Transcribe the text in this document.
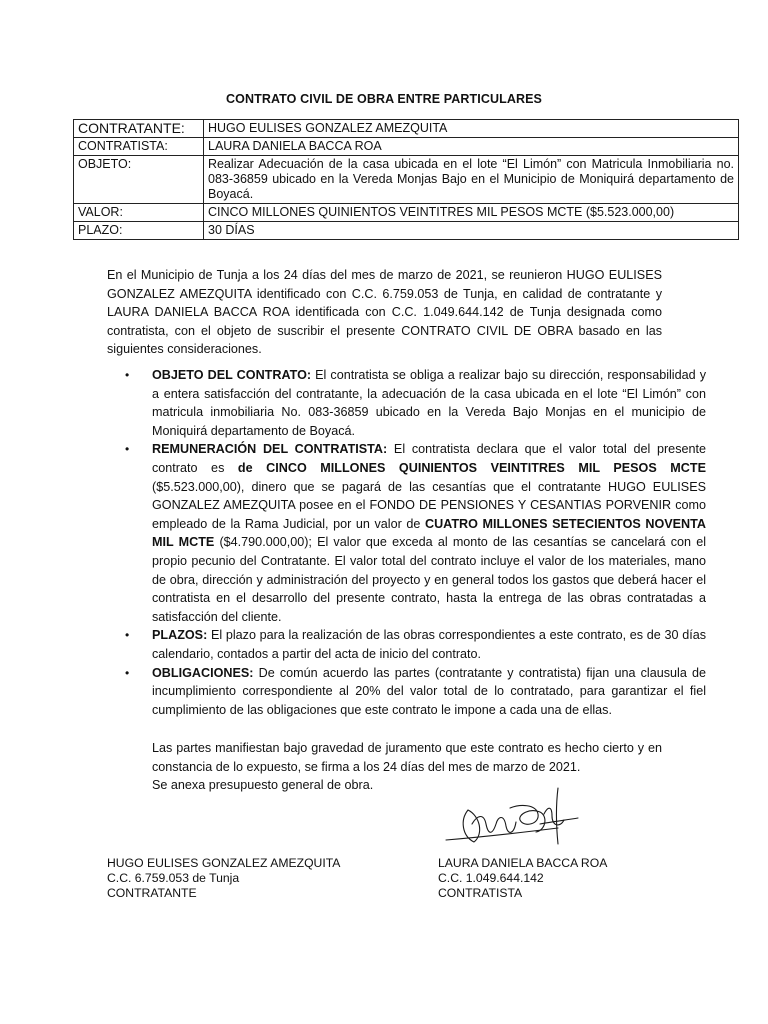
CONTRATO CIVIL DE OBRA ENTRE PARTICULARES
CONTRATANTE:	HUGO EULISES GONZALEZ AMEZQUITA
CONTRATISTA:	LAURA DANIELA BACCA ROA
OBJETO:	Realizar Adecuación de la casa ubicada en el lote “El Limón” con Matricula Inmobiliaria no. 083-36859 ubicado en la Vereda Monjas Bajo en el Municipio de Moniquirá departamento de Boyacá.
VALOR:	CINCO MILLONES QUINIENTOS VEINTITRES MIL PESOS MCTE ($5.523.000,00)
PLAZO:	30 DÍAS
En el Municipio de Tunja a los 24 días del mes de marzo de 2021, se reunieron HUGO EULISES GONZALEZ AMEZQUITA identificado con C.C. 6.759.053 de Tunja, en calidad de contratante y LAURA DANIELA BACCA ROA identificada con C.C. 1.049.644.142 de Tunja designada como contratista, con el objeto de suscribir el presente CONTRATO CIVIL DE OBRA basado en las siguientes consideraciones.
• OBJETO DEL CONTRATO: El contratista se obliga a realizar bajo su dirección, responsabilidad y a entera satisfacción del contratante, la adecuación de la casa ubicada en el lote “El Limón” con matricula inmobiliaria No. 083-36859 ubicado en la Vereda Bajo Monjas en el municipio de Moniquirá departamento de Boyacá.
• REMUNERACIÓN DEL CONTRATISTA: El contratista declara que el valor total del presente contrato es de CINCO MILLONES QUINIENTOS VEINTITRES MIL PESOS MCTE ($5.523.000,00), dinero que se pagará de las cesantías que el contratante HUGO EULISES GONZALEZ AMEZQUITA posee en el FONDO DE PENSIONES Y CESANTIAS PORVENIR como empleado de la Rama Judicial, por un valor de CUATRO MILLONES SETECIENTOS NOVENTA MIL MCTE ($4.790.000,00); El valor que exceda al monto de las cesantías se cancelará con el propio pecunio del Contratante. El valor total del contrato incluye el valor de los materiales, mano de obra, dirección y administración del proyecto y en general todos los gastos que deberá hacer el contratista en el desarrollo del presente contrato, hasta la entrega de las obras contratadas a satisfacción del cliente.
• PLAZOS: El plazo para la realización de las obras correspondientes a este contrato, es de 30 días calendario, contados a partir del acta de inicio del contrato.
• OBLIGACIONES: De común acuerdo las partes (contratante y contratista) fijan una clausula de incumplimiento correspondiente al 20% del valor total de lo contratado, para garantizar el fiel cumplimiento de las obligaciones que este contrato le impone a cada una de ellas.

Las partes manifiestan bajo gravedad de juramento que este contrato es hecho cierto y en constancia de lo expuesto, se firma a los 24 días del mes de marzo de 2021.

Se anexa presupuesto general de obra.

HUGO EULISES GONZALEZ AMEZQUITA
C.C. 6.759.053 de Tunja
CONTRATANTE
LAURA DANIELA BACCA ROA
C.C. 1.049.644.142
CONTRATISTA
